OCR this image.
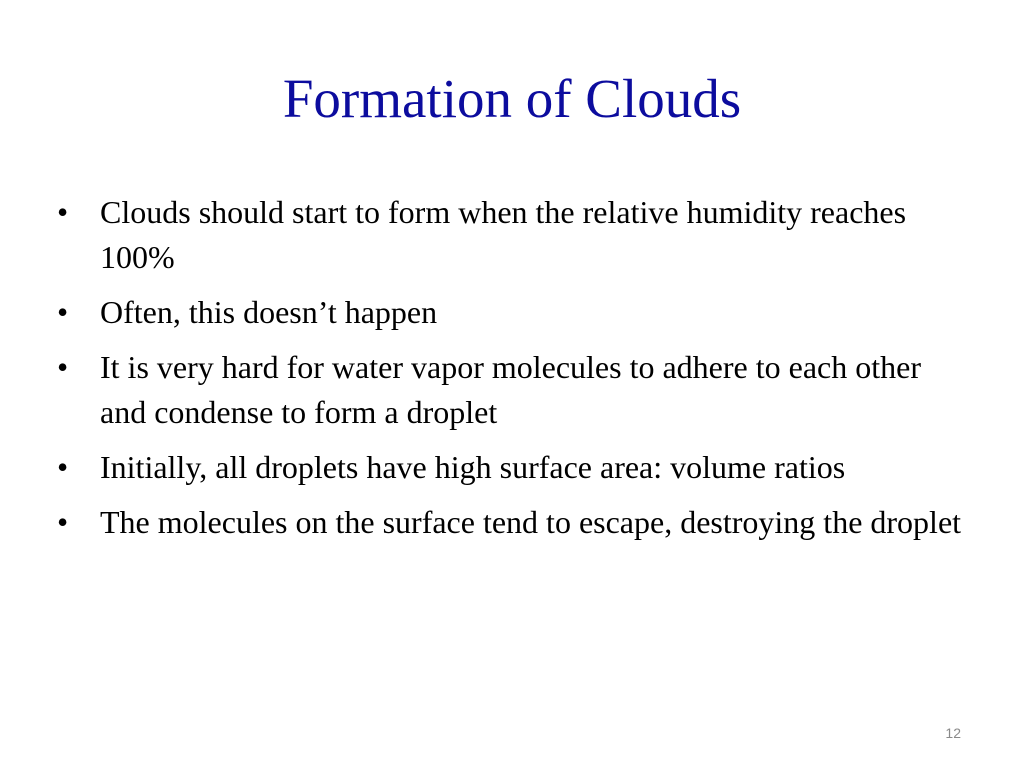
Formation of Clouds
• Clouds should start to form when the relative humidity reaches 100%
• Often, this doesn’t happen
• It is very hard for water vapor molecules to adhere to each other and condense to form a droplet
• Initially, all droplets have high surface area: volume ratios
• The molecules on the surface tend to escape, destroying the droplet
12
